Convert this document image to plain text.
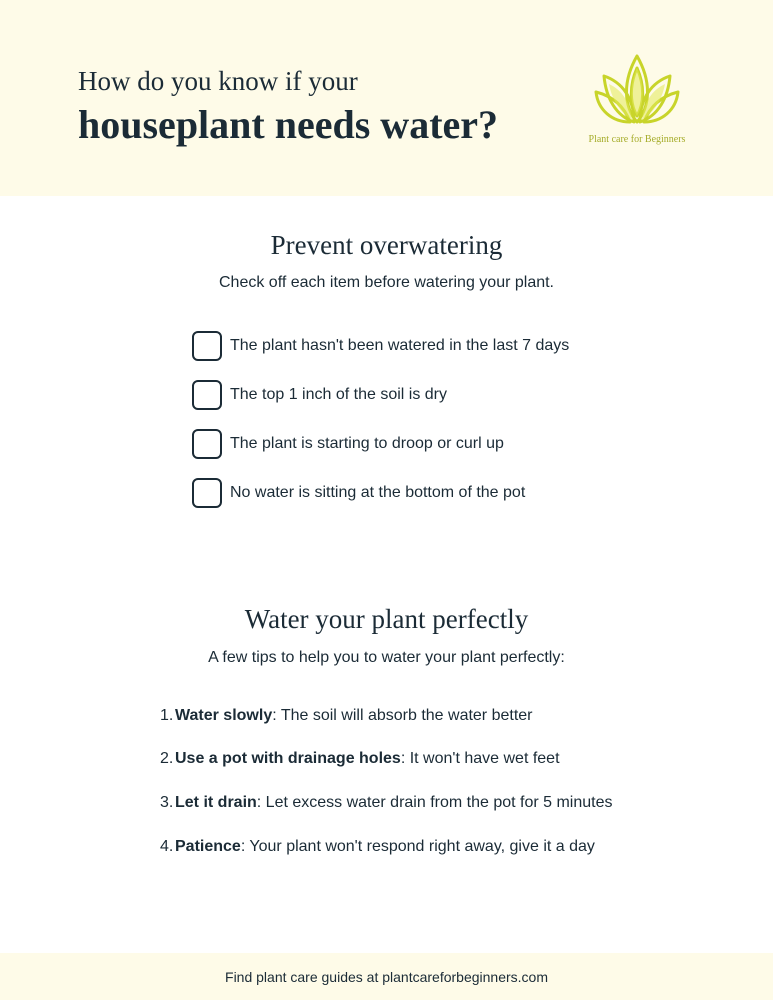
How do you know if your
houseplant needs water?	Plant care for Beginners
Prevent overwatering
Check off each item before watering your plant.
The plant hasn't been watered in the last 7 days
The top 1 inch of the soil is dry
The plant is starting to droop or curl up
No water is sitting at the bottom of the pot
Water your plant perfectly
A few tips to help you to water your plant perfectly:
1. Water slowly: The soil will absorb the water better
2. Use a pot with drainage holes: It won't have wet feet
3. Let it drain: Let excess water drain from the pot for 5 minutes
4. Patience: Your plant won't respond right away, give it a day
Find plant care guides at plantcareforbeginners.com
